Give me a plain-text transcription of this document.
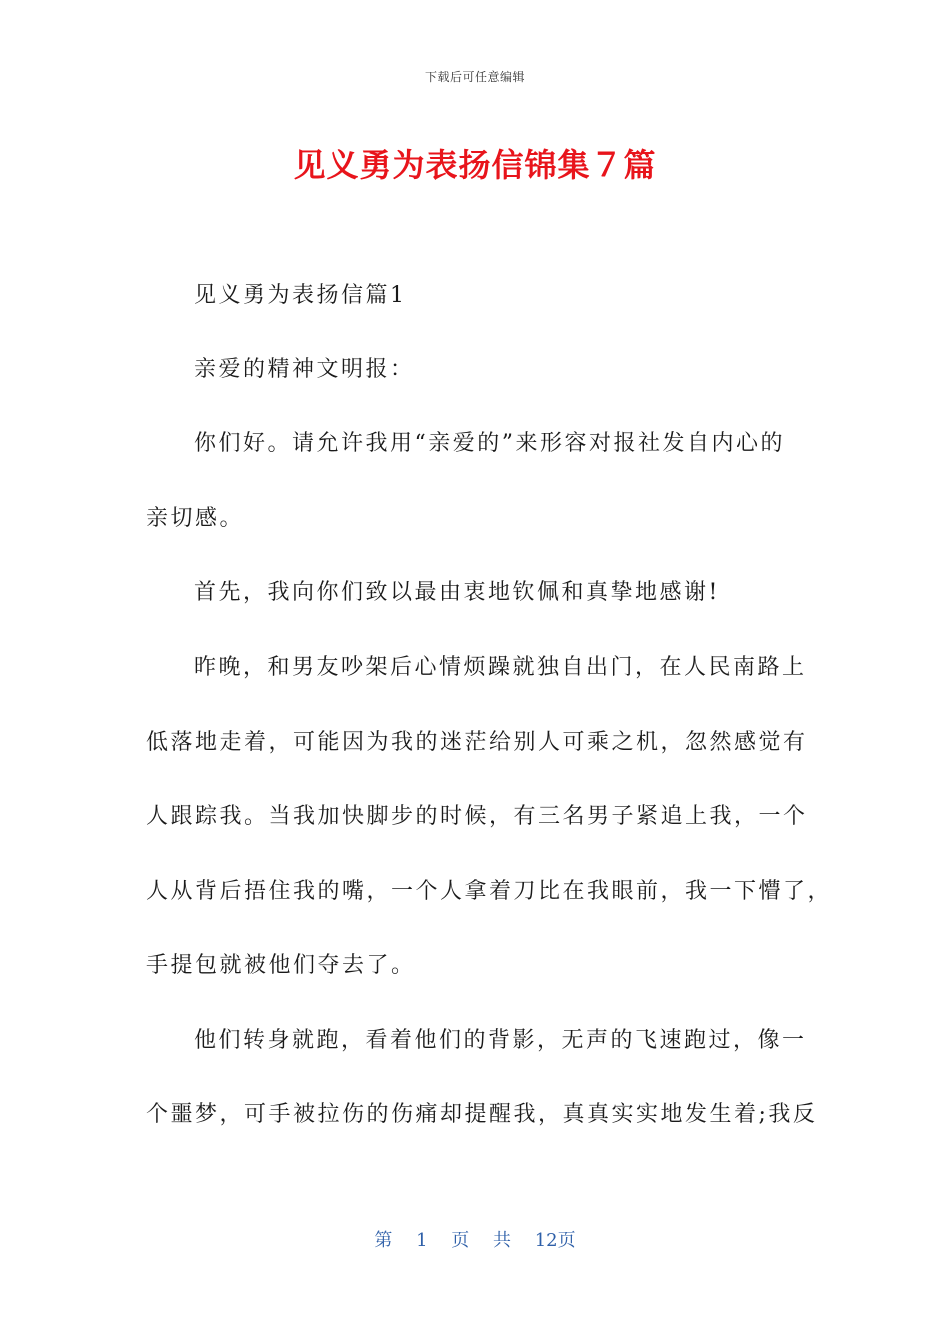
下载后可任意编辑
见义勇为表扬信锦集７篇
见义勇为表扬信篇1
亲爱的精神文明报：
你们好。请允许我用“亲爱的”来形容对报社发自内心的
亲切感。
首先，我向你们致以最由衷地钦佩和真挚地感谢!
昨晚，和男友吵架后心情烦躁就独自出门，在人民南路上
低落地走着，可能因为我的迷茫给别人可乘之机，忽然感觉有
人跟踪我。当我加快脚步的时候，有三名男子紧追上我，一个
人从背后捂住我的嘴，一个人拿着刀比在我眼前，我一下懵了，
手提包就被他们夺去了。
他们转身就跑，看着他们的背影，无声的飞速跑过，像一
个噩梦，可手被拉伤的伤痛却提醒我，真真实实地发生着;我反
第 1 页 共 12页
